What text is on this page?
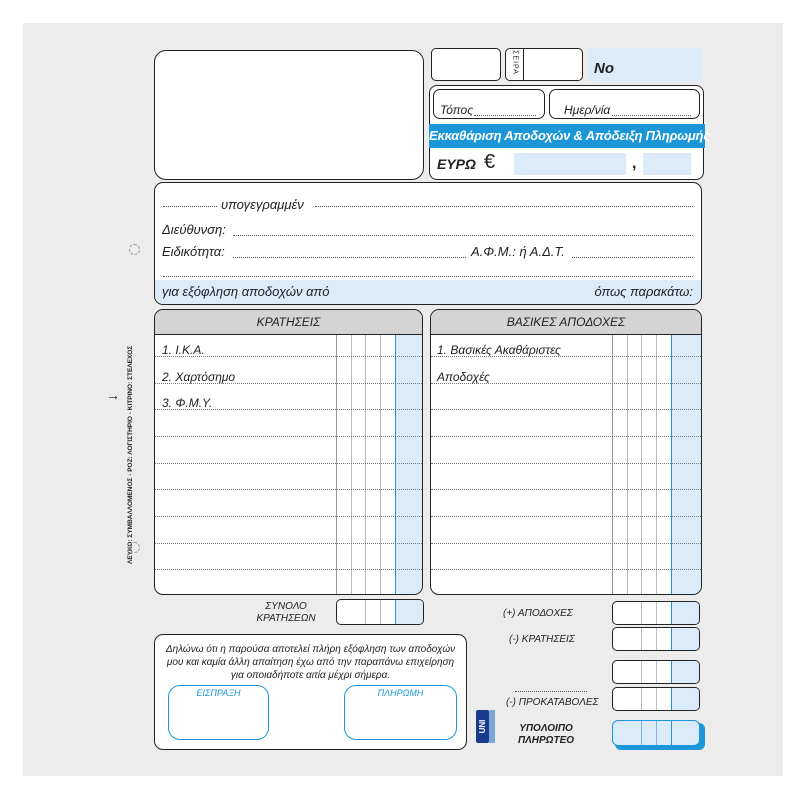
ΣΕΙΡΑ	No
Τόπος	Ημερ/νία
Εκκαθάριση Αποδοχών & Απόδειξη Πληρωμής
ΕΥΡΩ €	,
υπογεγραμμέν
Διεύθυνση:
Ειδικότητα:	Α.Φ.Μ.: ή Α.Δ.Τ.
για εξόφληση αποδοχών από	όπως παρακάτω:
ΛΕΥΚΟ: ΣΥΜΒΑΛΛΟΜΕΝΟΣ - ΡΟΖ: ΛΟΓΙΣΤΗΡΙΟ - ΚΙΤΡΙΝΟ: ΣΤΕΛΕΧΟΣ
→
ΚΡΑΤΗΣΕΙΣ
1. Ι.Κ.Α.
2. Χαρτόσημο
3. Φ.Μ.Υ.
ΒΑΣΙΚΕΣ ΑΠΟΔΟΧΕΣ
1. Βασικές Ακαθάριστες
Αποδοχές
ΣΥΝΟΛΟ
ΚΡΑΤΗΣΕΩΝ
Δηλώνω ότι η παρούσα αποτελεί πλήρη εξόφληση των αποδοχών
μου και καμία άλλη απαίτηση έχω από την παραπάνω επιχείρηση
για οποιαδήποτε αιτία μέχρι σήμερα.
ΕΙΣΠΡΑΞΗ	ΠΛΗΡΩΜΗ
UNI
(+) ΑΠΟΔΟΧΕΣ
(-) ΚΡΑΤΗΣΕΙΣ
(-) ΠΡΟΚΑΤΑΒΟΛΕΣ
ΥΠΟΛΟΙΠΟ
ΠΛΗΡΩΤΕΟ
